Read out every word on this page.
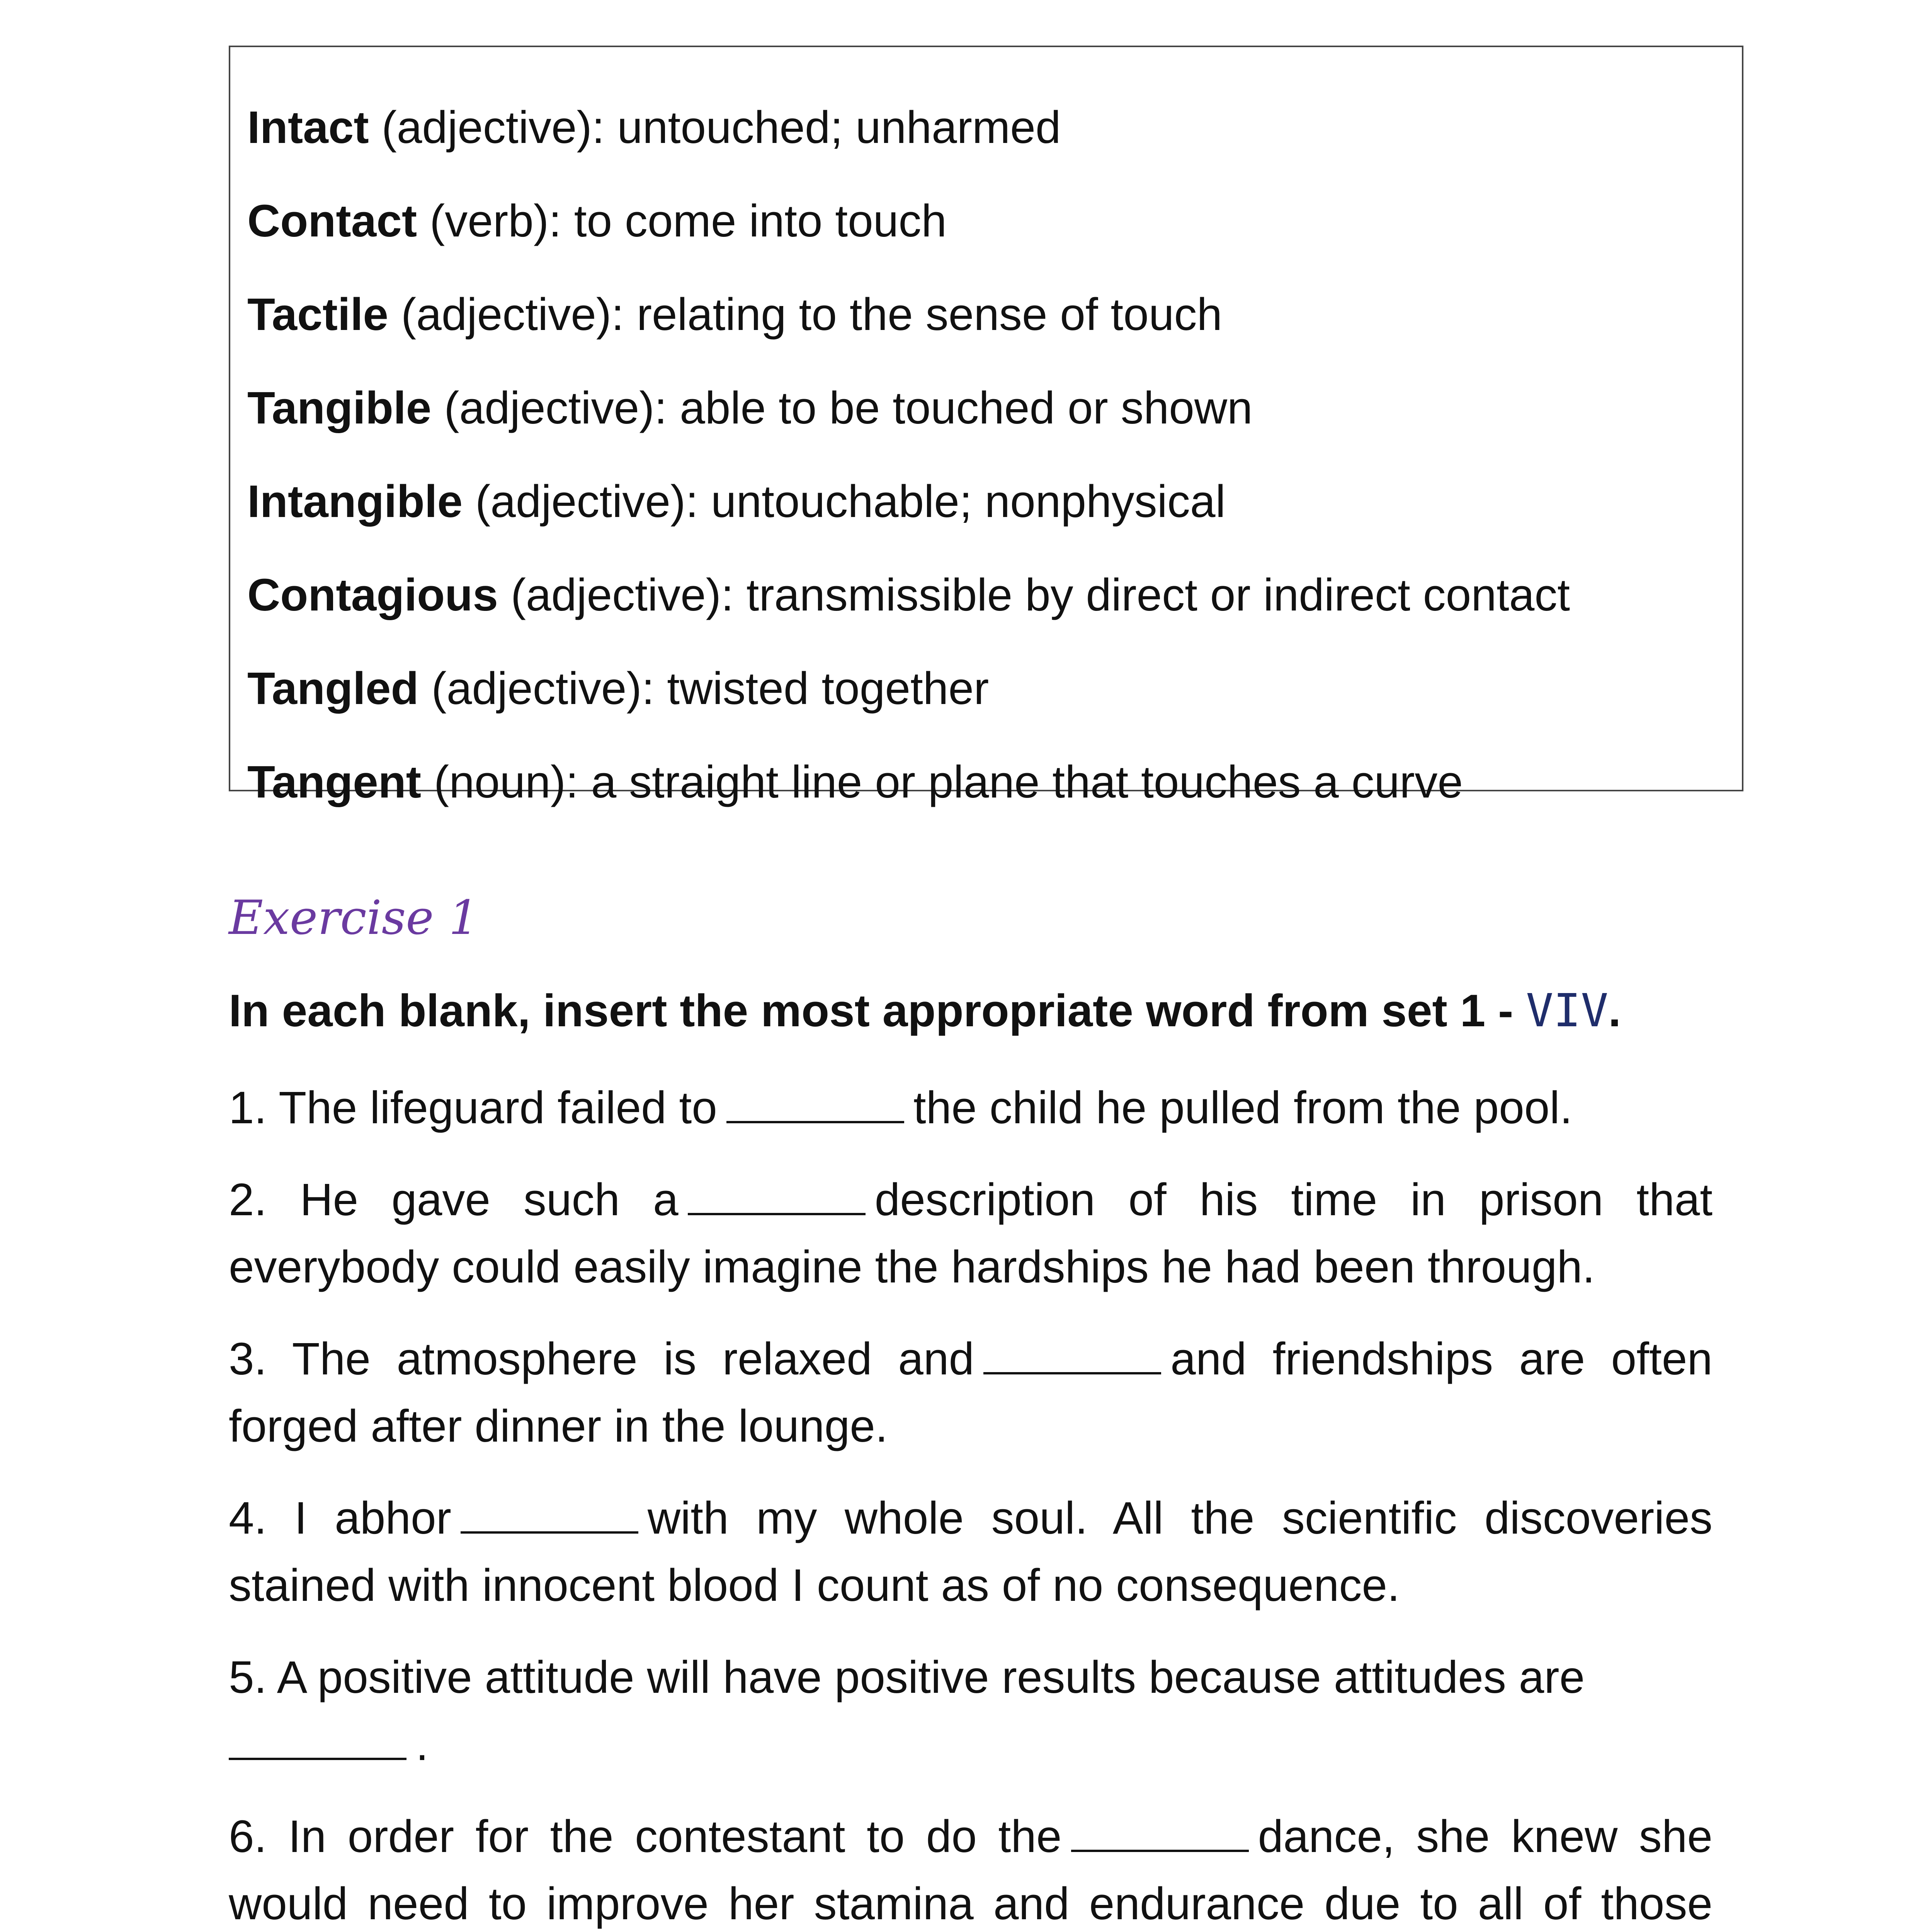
Intact (adjective): untouched; unharmed
Contact (verb): to come into touch
Tactile (adjective): relating to the sense of touch
Tangible (adjective): able to be touched or shown
Intangible (adjective): untouchable; nonphysical
Contagious (adjective): transmissible by direct or indirect contact
Tangled (adjective): twisted together
Tangent (noun): a straight line or plane that touches a curve
Exercise 1
In each blank, insert the most appropriate word from set 1 - VIV.
1. The lifeguard failed to	the child he pulled from the pool.
2. He gave such a	description of his time in prison that everybody could easily imagine the hardships he had been through.
3. The atmosphere is relaxed and	and friendships are often forged after dinner in the lounge.
4. I abhor	with my whole soul. All the scientific discoveries stained with innocent blood I count as of no consequence.
5. A positive attitude will have positive results because attitudes are
.
6. In order for the contestant to do the	dance, she knew she would need to improve her stamina and endurance due to all of those
